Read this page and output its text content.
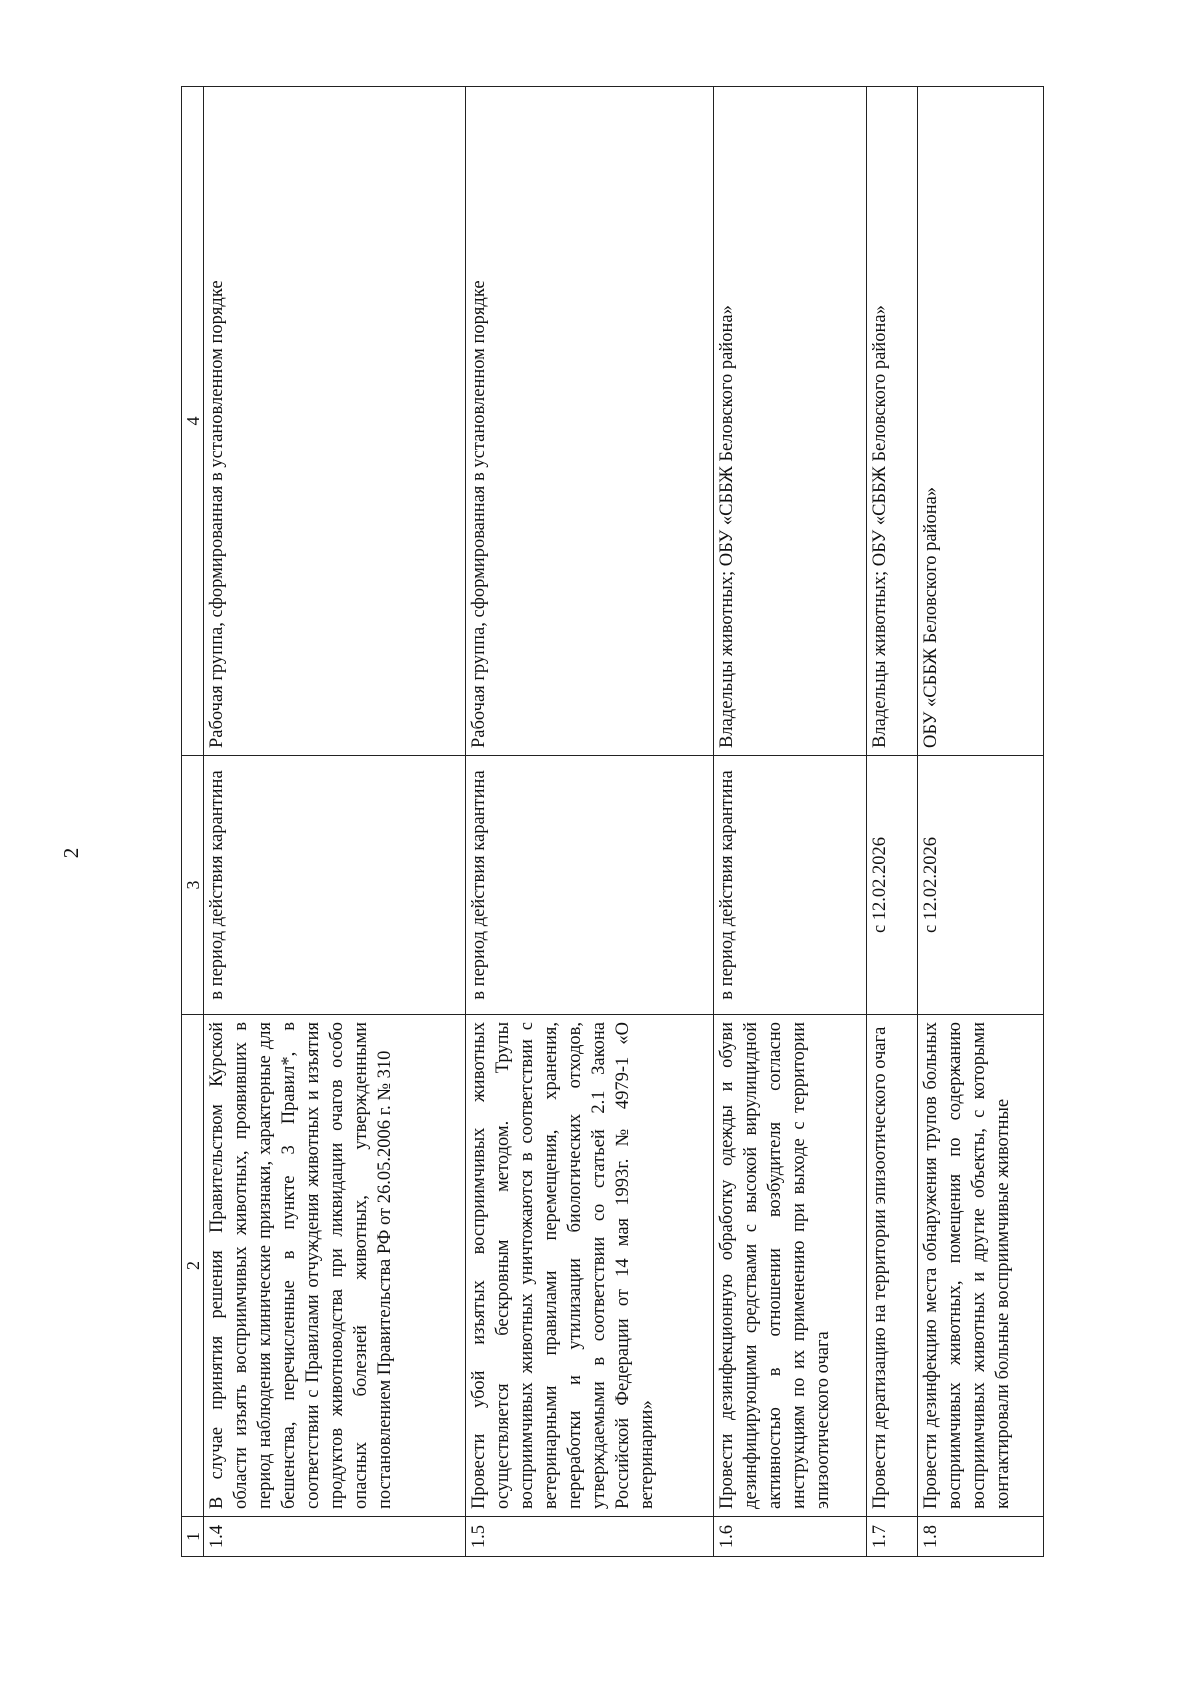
2
1	2	3	4
1.4	В случае принятия решения Правительством Курской области изъять восприимчивых животных, проявивших в период наблюдения клинические признаки, характерные для бешенства, перечисленные в пункте 3 Правил*, в соответствии с Правилами отчуждения животных и изъятия продуктов животноводства при ликвидации очагов особо опасных болезней животных, утвержденными постановлением Правительства РФ от 26.05.2006 г. № 310	в период действия карантина	Рабочая группа, сформированная в установленном порядке
1.5	Провести убой изъятых восприимчивых животных осуществляется бескровным методом. Трупы восприимчивых животных уничтожаются в соответствии с ветеринарными правилами перемещения, хранения, переработки и утилизации биологических отходов, утверждаемыми в соответствии со статьей 2.1 Закона Российской Федерации от 14 мая 1993г. № 4979-1 «О ветеринарии»	в период действия карантина	Рабочая группа, сформированная в установленном порядке
1.6	Провести дезинфекционную обработку одежды и обуви дезинфицирующими средствами с высокой вирулицидной активностью в отношении возбудителя согласно инструкциям по их применению при выходе с территории эпизоотического очага	в период действия карантина	Владельцы животных; ОБУ «СББЖ Беловского района»
1.7	Провести дератизацию на территории эпизоотического очага	с 12.02.2026	Владельцы животных; ОБУ «СББЖ Беловского района»
1.8	Провести дезинфекцию места обнаружения трупов больных восприимчивых животных, помещения по содержанию восприимчивых животных и другие объекты, с которыми контактировали больные восприимчивые животные	с 12.02.2026	ОБУ «СББЖ Беловского района»
